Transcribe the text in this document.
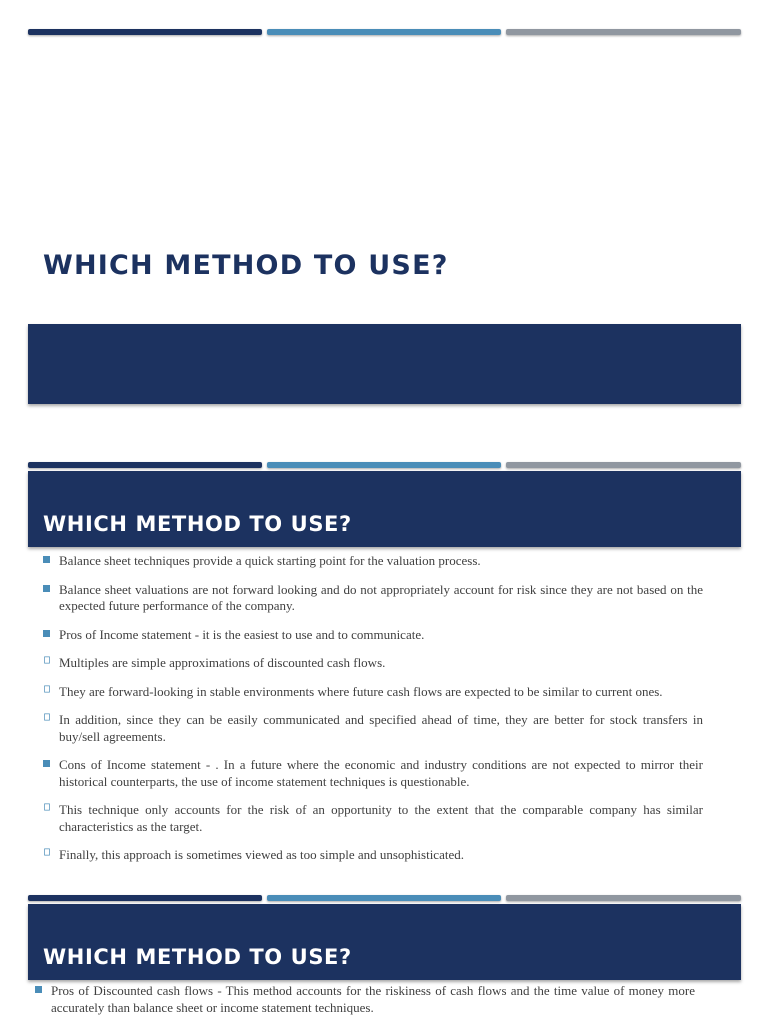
WHICH METHOD TO USE?
WHICH METHOD TO USE?
Balance sheet techniques provide a quick starting point for the valuation process.
Balance sheet valuations are not forward looking and do not appropriately account for risk since they are not based on the expected future performance of the company.
Pros of Income statement - it is the easiest to use and to communicate.
Multiples are simple approximations of discounted cash flows.
They are forward-looking in stable environments where future cash flows are expected to be similar to current ones.
In addition, since they can be easily communicated and specified ahead of time, they are better for stock transfers in buy/sell agreements.
Cons of Income statement - . In a future where the economic and industry conditions are not expected to mirror their historical counterparts, the use of income statement techniques is questionable.
This technique only accounts for the risk of an opportunity to the extent that the comparable company has similar characteristics as the target.
Finally, this approach is sometimes viewed as too simple and unsophisticated.
WHICH METHOD TO USE?
Pros of Discounted cash flows - This method accounts for the riskiness of cash flows and the time value of money more accurately than balance sheet or income statement techniques.
